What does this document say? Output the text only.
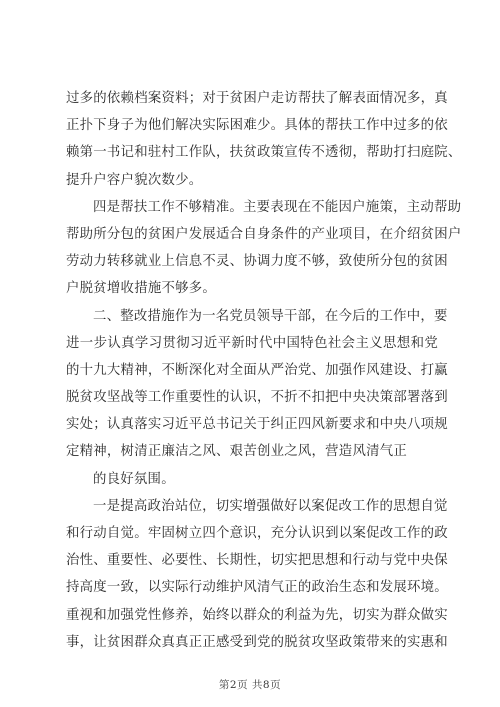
过多的依赖档案资料；对于贫困户走访帮扶了解表面情况多，真
正扑下身子为他们解决实际困难少。具体的帮扶工作中过多的依
赖第一书记和驻村工作队，扶贫政策宣传不透彻，帮助打扫庭院、
提升户容户貌次数少。
四是帮扶工作不够精准。主要表现在不能因户施策，主动帮助
帮助所分包的贫困户发展适合自身条件的产业项目，在介绍贫困户
劳动力转移就业上信息不灵、协调力度不够，致使所分包的贫困
户脱贫增收措施不够多。
二、整改措施作为一名党员领导干部，在今后的工作中，要
进一步认真学习贯彻习近平新时代中国特色社会主义思想和党
的十九大精神，不断深化对全面从严治党、加强作风建设、打赢
脱贫攻坚战等工作重要性的认识，不折不扣把中央决策部署落到
实处；认真落实习近平总书记关于纠正四风新要求和中央八项规
定精神，树清正廉洁之风、艰苦创业之风，营造风清气正
的良好氛围。
一是提高政治站位，切实增强做好以案促改工作的思想自觉
和行动自觉。牢固树立四个意识，充分认识到以案促改工作的政
治性、重要性、必要性、长期性，切实把思想和行动与党中央保
持高度一致，以实际行动维护风清气正的政治生态和发展环境。
重视和加强党性修养，始终以群众的利益为先，切实为群众做实
事，让贫困群众真真正正感受到党的脱贫攻坚政策带来的实惠和
第2页 共8页
